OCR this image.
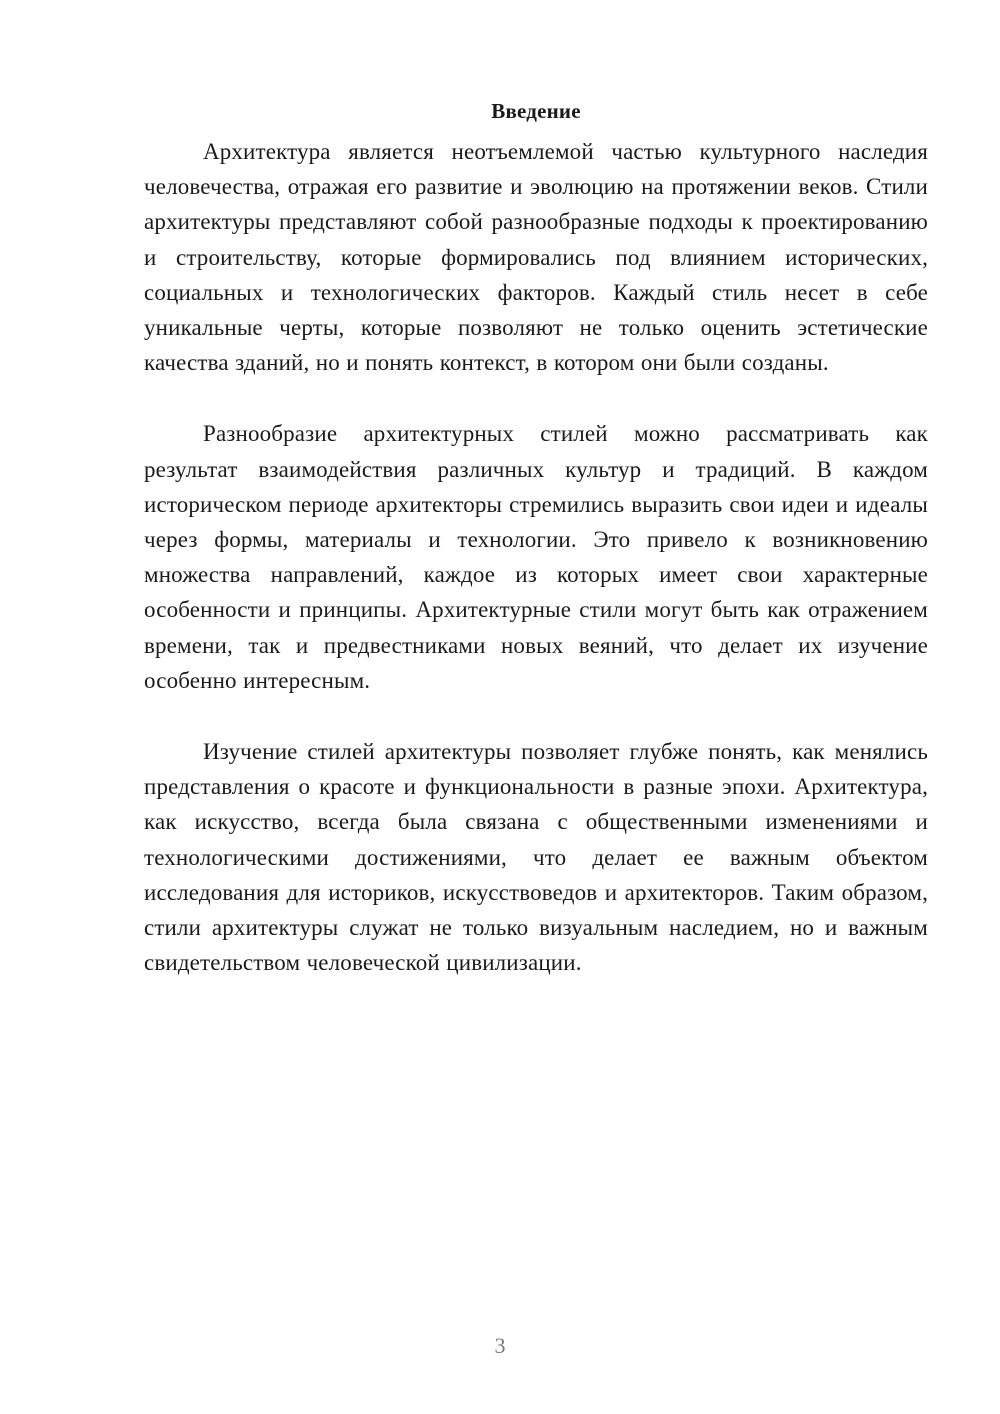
Введение

Архитектура является неотъемлемой частью культурного наследия человечества, отражая его развитие и эволюцию на протяжении веков. Стили архитектуры представляют собой разнообразные подходы к проектированию и строительству, которые формировались под влиянием исторических, социальных и технологических факторов. Каждый стиль несет в себе уникальные черты, которые позволяют не только оценить эстетические качества зданий, но и понять контекст, в котором они были созданы.

Разнообразие архитектурных стилей можно рассматривать как результат взаимодействия различных культур и традиций. В каждом историческом периоде архитекторы стремились выразить свои идеи и идеалы через формы, материалы и технологии. Это привело к возникновению множества направлений, каждое из которых имеет свои характерные особенности и принципы. Архитектурные стили могут быть как отражением времени, так и предвестниками новых веяний, что делает их изучение особенно интересным.

Изучение стилей архитектуры позволяет глубже понять, как менялись представления о красоте и функциональности в разные эпохи. Архитектура, как искусство, всегда была связана с общественными изменениями и технологическими достижениями, что делает ее важным объектом исследования для историков, искусствоведов и архитекторов. Таким образом, стили архитектуры служат не только визуальным наследием, но и важным свидетельством человеческой цивилизации.

3
